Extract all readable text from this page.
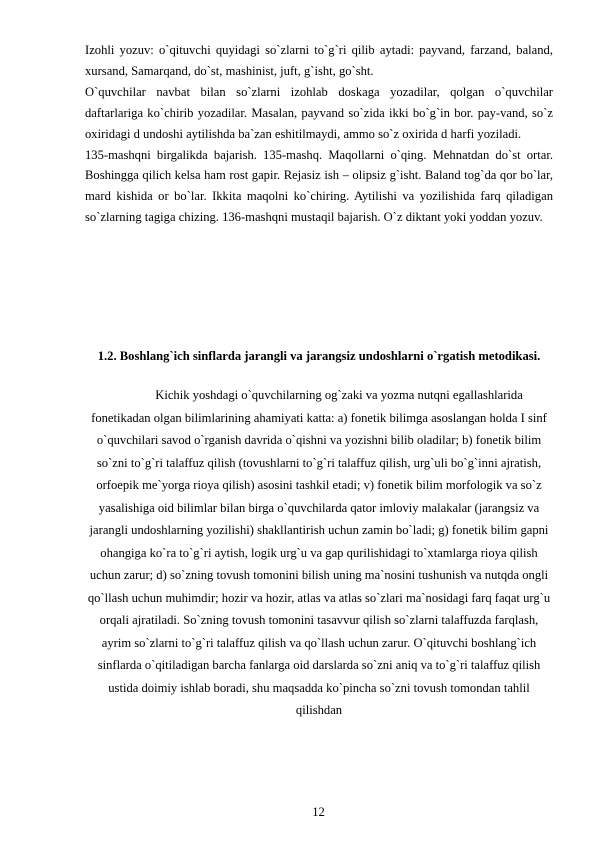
Izohli yozuv: o`qituvchi quyidagi so`zlarni to`g`ri qilib aytadi: payvand, farzand, baland, xursand, Samarqand, do`st, mashinist, juft, g`isht, go`sht.

O`quvchilar navbat bilan so`zlarni izohlab doskaga yozadilar, qolgan o`quvchilar daftarlariga ko`chirib yozadilar. Masalan, payvand so`zida ikki bo`g`in bor. pay-vand, so`z oxiridagi d undoshi aytilishda ba`zan eshitilmaydi, ammo so`z oxirida d harfi yoziladi.

135-mashqni birgalikda bajarish. 135-mashq. Maqollarni o`qing. Mehnatdan do`st ortar. Boshingga qilich kelsa ham rost gapir. Rejasiz ish – olipsiz g`isht. Baland tog`da qor bo`lar, mard kishida or bo`lar. Ikkita maqolni ko`chiring. Aytilishi va yozilishida farq qiladigan so`zlarning tagiga chizing. 136-mashqni mustaqil bajarish. O`z diktant yoki yoddan yozuv.

1.2. Boshlang`ich sinflarda jarangli va jarangsiz undoshlarni o`rgatish metodikasi.

Kichik yoshdagi o`quvchilarning og`zaki va yozma nutqni egallashlarida fonetikadan olgan bilimlarining ahamiyati katta: a) fonetik bilimga asoslangan holda I sinf o`quvchilari savod o`rganish davrida o`qishni va yozishni bilib oladilar; b) fonetik bilim so`zni to`g`ri talaffuz qilish (tovushlarni to`g`ri talaffuz qilish, urg`uli bo`g`inni ajratish, orfoepik me`yorga rioya qilish) asosini tashkil etadi; v) fonetik bilim morfologik va so`z yasalishiga oid bilimlar bilan birga o`quvchilarda qator imloviy malakalar (jarangsiz va jarangli undoshlarning yozilishi) shakllantirish uchun zamin bo`ladi; g) fonetik bilim gapni ohangiga ko`ra to`g`ri aytish, logik urg`u va gap qurilishidagi to`xtamlarga rioya qilish uchun zarur; d) so`zning tovush tomonini bilish uning ma`nosini tushunish va nutqda ongli qo`llash uchun muhimdir; hozir va hozir, atlas va atlas so`zlari ma`nosidagi farq faqat urg`u orqali ajratiladi. So`zning tovush tomonini tasavvur qilish so`zlarni talaffuzda farqlash, ayrim so`zlarni to`g`ri talaffuz qilish va qo`llash uchun zarur. O`qituvchi boshlang`ich sinflarda o`qitiladigan barcha fanlarga oid darslarda so`zni aniq va to`g`ri talaffuz qilish ustida doimiy ishlab boradi, shu maqsadda ko`pincha so`zni tovush tomondan tahlil qilishdan

12
